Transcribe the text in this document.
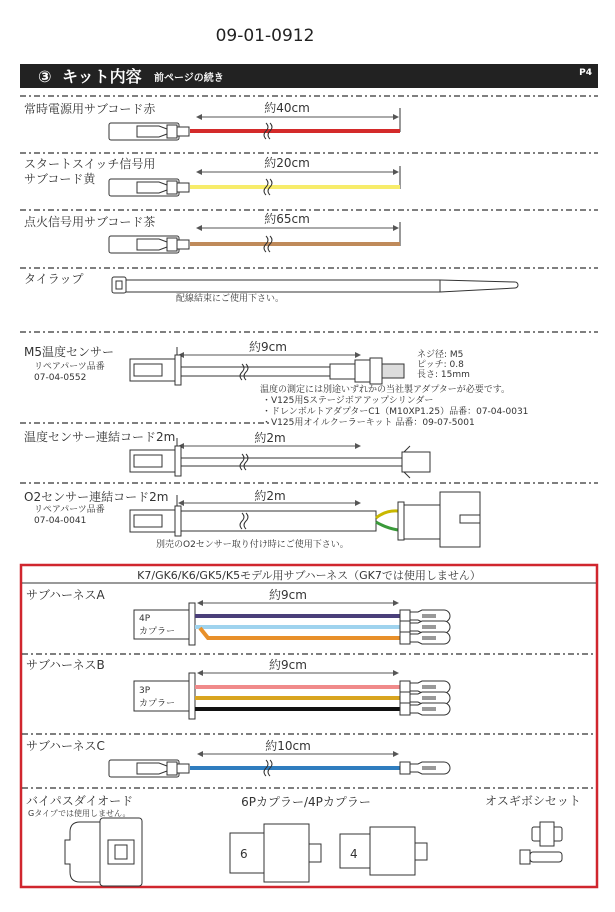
09-01-0912
③ キット内容 前ページの続き	P4
常時電源用サブコード赤	約40cm
スタートスイッチ信号用
サブコード黄
約20cm
点火信号用サブコード茶	約65cm
タイラップ
配線結束にご使用下さい。
M5温度センサー
リペアパーツ品番
07-04-0552
約9cm
ネジ径: M5
ピッチ: 0.8
長さ: 15mm
温度の測定には別途いずれかの当社製アダプターが必要です。
・V125用Sステージボアアップシリンダー
・ドレンボルトアダプターC1（M10XP1.25）品番：07-04-0031
・V125用オイルクーラーキット 品番：09-07-5001
温度センサー連結コード2m	約2m
O2センサー連結コード2m
リペアパーツ品番
07-04-0041
約2m
別売のO2センサー取り付け時にご使用下さい。
K7/GK6/K6/GK5/K5モデル用サブハーネス（GK7では使用しません）
サブハーネスA	約9cm
4P
カプラー
サブハーネスB	約9cm
3P
カプラー
サブハーネスC	約10cm
バイパスダイオード
Gタイプでは使用しません。
6Pカプラー/4Pカプラー
6	4
オスギボシセット
